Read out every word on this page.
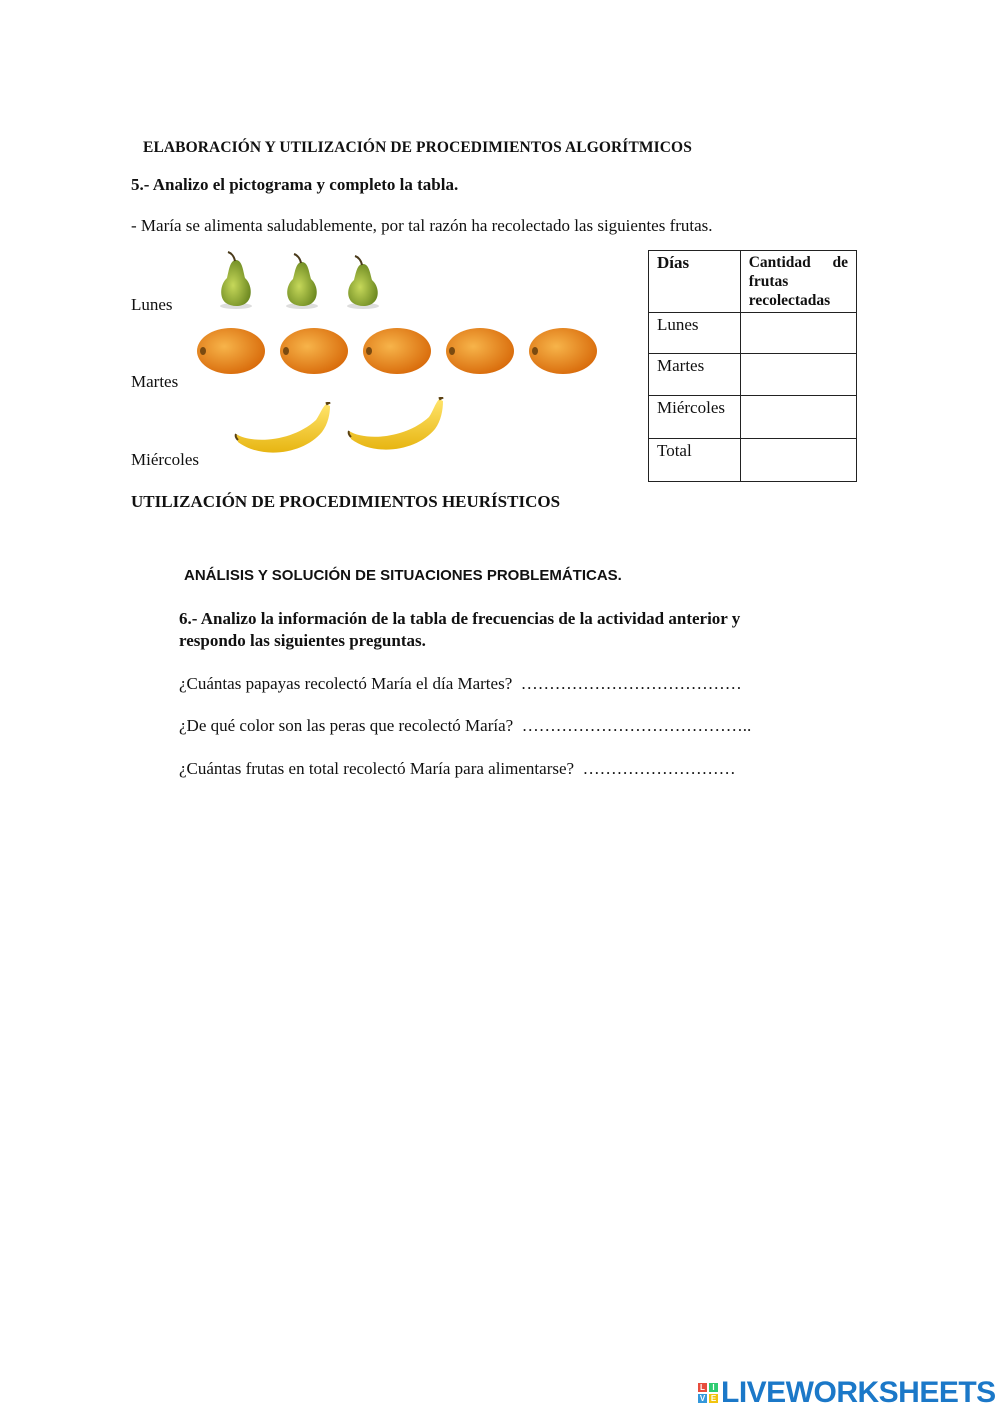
ELABORACIÓN Y UTILIZACIÓN DE PROCEDIMIENTOS ALGORÍTMICOS
5.- Analizo el pictograma y completo la tabla.
- María se alimenta saludablemente, por tal razón ha recolectado las siguientes frutas.
Lunes
Martes
Miércoles
Días	Cantidad de frutas recolectadas
Lunes	
Martes	
Miércoles	
Total	
UTILIZACIÓN DE PROCEDIMIENTOS HEURÍSTICOS
ANÁLISIS Y SOLUCIÓN DE SITUACIONES PROBLEMÁTICAS.
6.- Analizo la información de la tabla de frecuencias de la actividad anterior y
respondo las siguientes preguntas.
¿Cuántas papayas recolectó María el día Martes? …………………………………
¿De qué color son las peras que recolectó María? …………………………………..
¿Cuántas frutas en total recolectó María para alimentarse? ………………………
L I
V E LIVEWORKSHEETS
